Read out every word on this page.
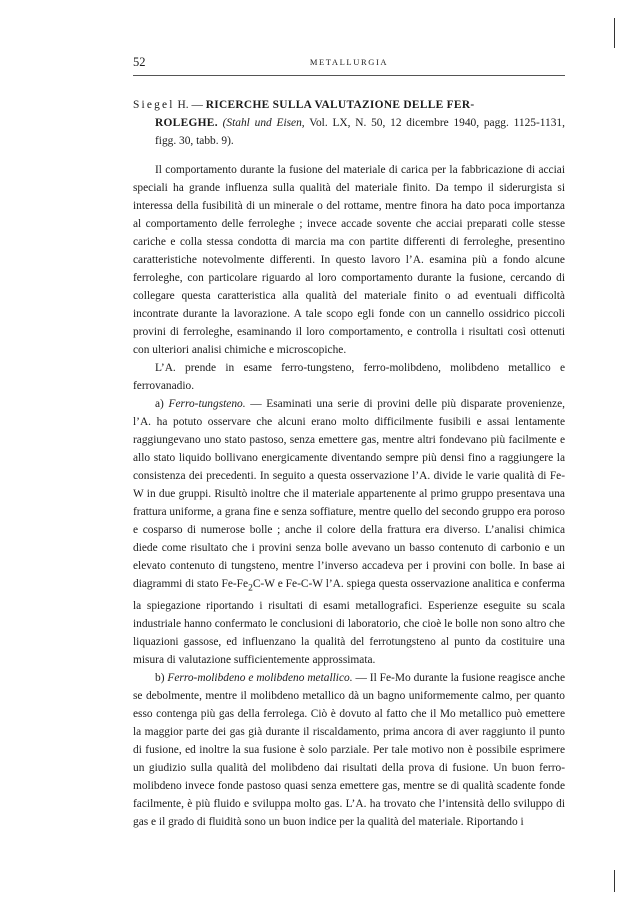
52	METALLURGIA

Siegel H. — RICERCHE SULLA VALUTAZIONE DELLE FER-
ROLEGHE. (Stahl und Eisen, Vol. LX, N. 50, 12 dicembre 1940, pagg. 1125-1131, figg. 30, tabb. 9).

Il comportamento durante la fusione del materiale di carica per la fabbricazione di acciai speciali ha grande influenza sulla qualità del materiale finito. Da tempo il siderurgista si interessa della fusibilità di un minerale o del rottame, mentre finora ha dato poca importanza al comportamento delle ferroleghe ; invece accade sovente che acciai preparati colle stesse cariche e colla stessa condotta di marcia ma con partite differenti di ferroleghe, presentino caratteristiche notevolmente differenti. In questo lavoro l’A. esamina più a fondo alcune ferroleghe, con particolare riguardo al loro comportamento durante la fusione, cercando di collegare questa caratteristica alla qualità del materiale finito o ad eventuali difficoltà incontrate durante la lavorazione. A tale scopo egli fonde con un cannello ossidrico piccoli provini di ferroleghe, esaminando il loro comportamento, e controlla i risultati così ottenuti con ulteriori analisi chimiche e microscopiche.

L’A. prende in esame ferro-tungsteno, ferro-molibdeno, molibdeno metallico e ferrovanadio.

a) Ferro-tungsteno. — Esaminati una serie di provini delle più disparate provenienze, l’A. ha potuto osservare che alcuni erano molto difficilmente fusibili e assai lentamente raggiungevano uno stato pastoso, senza emettere gas, mentre altri fondevano più facilmente e allo stato liquido bollivano energicamente diventando sempre più densi fino a raggiungere la consistenza dei precedenti. In seguito a questa osservazione l’A. divide le varie qualità di Fe-W in due gruppi. Risultò inoltre che il materiale appartenente al primo gruppo presentava una frattura uniforme, a grana fine e senza soffiature, mentre quello del secondo gruppo era poroso e cosparso di numerose bolle ; anche il colore della frattura era diverso. L’analisi chimica diede come risultato che i provini senza bolle avevano un basso contenuto di carbonio e un elevato contenuto di tungsteno, mentre l’inverso accadeva per i provini con bolle. In base ai diagrammi di stato $Fe-Fe_2C-W$ e Fe-C-W l’A. spiega questa osservazione analitica e conferma la spiegazione riportando i risultati di esami metallografici. Esperienze eseguite su scala industriale hanno confermato le conclusioni di laboratorio, che cioè le bolle non sono altro che liquazioni gassose, ed influenzano la qualità del ferrotungsteno al punto da costituire una misura di valutazione sufficientemente approssimata.

b) Ferro-molibdeno e molibdeno metallico. — Il Fe-Mo durante la fusione reagisce anche se debolmente, mentre il molibdeno metallico dà un bagno uniformemente calmo, per quanto esso contenga più gas della ferrolega. Ciò è dovuto al fatto che il Mo metallico può emettere la maggior parte dei gas già durante il riscaldamento, prima ancora di aver raggiunto il punto di fusione, ed inoltre la sua fusione è solo parziale. Per tale motivo non è possibile esprimere un giudizio sulla qualità del molibdeno dai risultati della prova di fusione. Un buon ferro-molibdeno invece fonde pastoso quasi senza emettere gas, mentre se di qualità scadente fonde facilmente, è più fluido e sviluppa molto gas. L’A. ha trovato che l’intensità dello sviluppo di gas e il grado di fluidità sono un buon indice per la qualità del materiale. Riportando i
